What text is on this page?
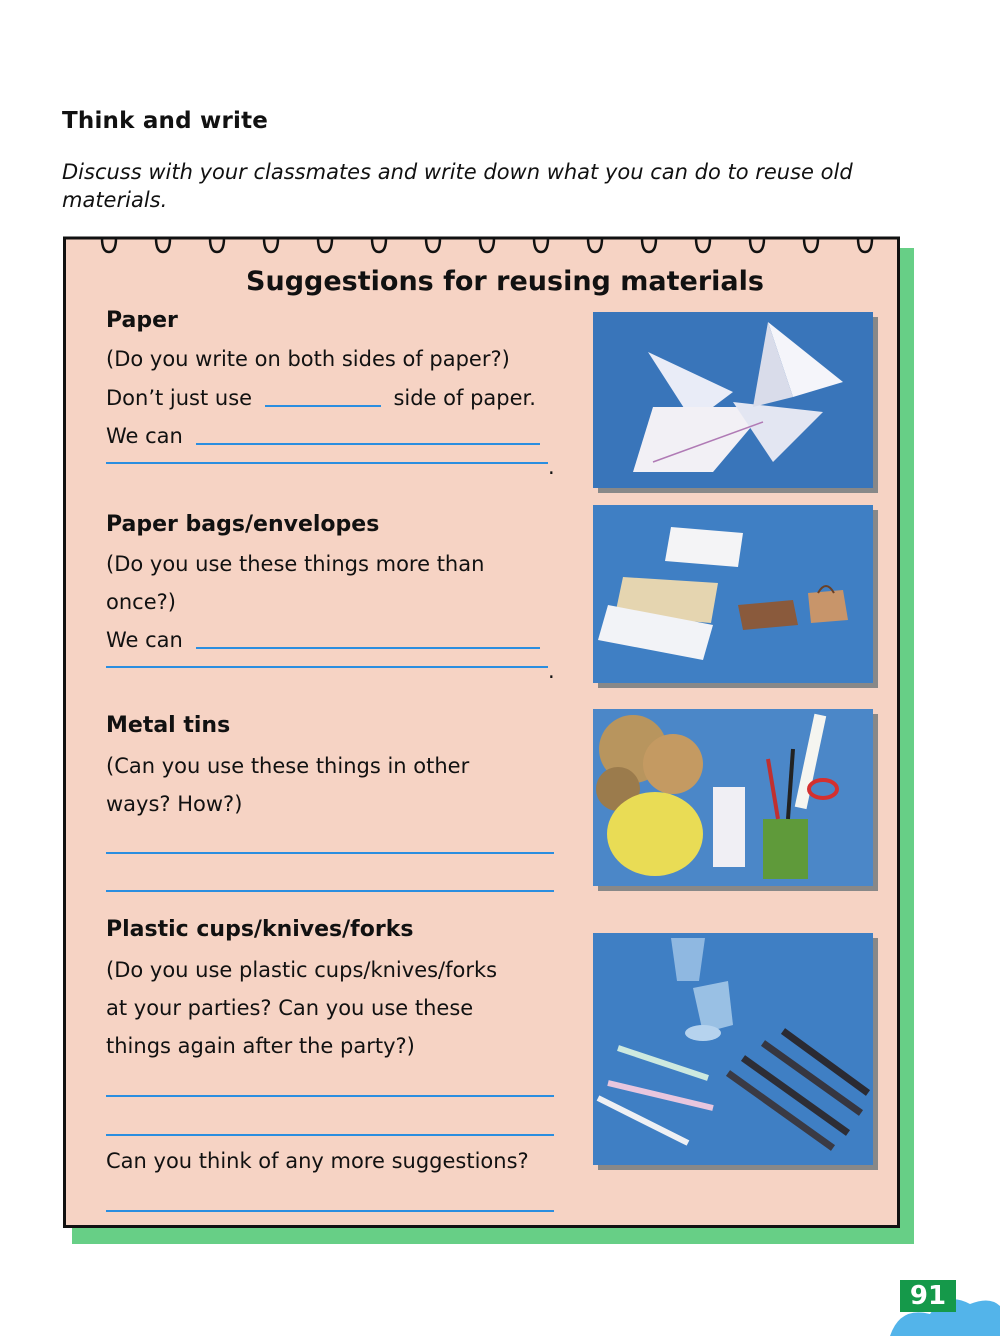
Think and write
Discuss with your classmates and write down what you can do to reuse old materials.
Suggestions for reusing materials
Paper
(Do you write on both sides of paper?)
Don’t just use	side of paper.
We can
.
Paper bags/envelopes
(Do you use these things more than
once?)
We can
.
Metal tins
(Can you use these things in other
ways? How?)
Plastic cups/knives/forks
(Do you use plastic cups/knives/forks
at your parties? Can you use these
things again after the party?)
Can you think of any more suggestions?
91
